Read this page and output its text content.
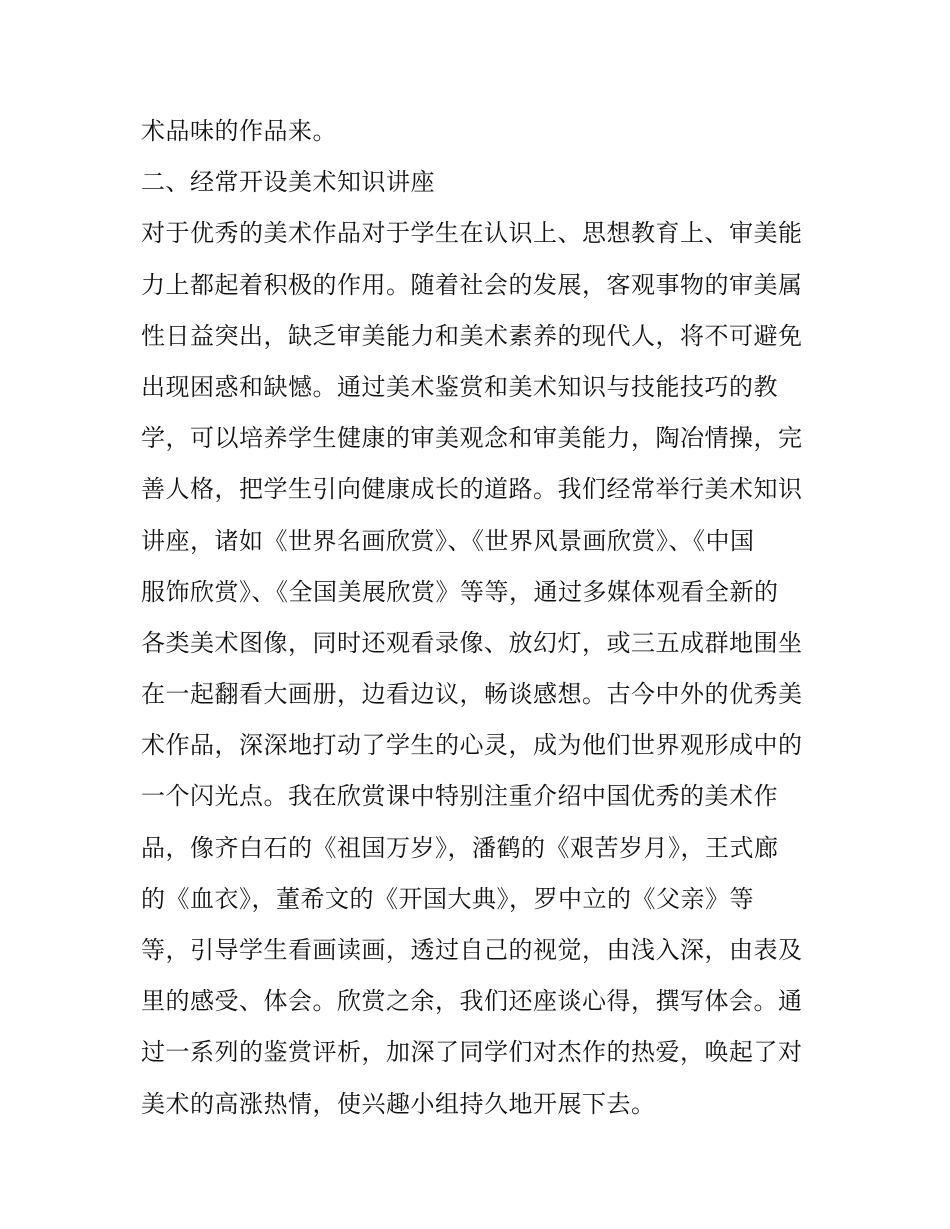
术品味的作品来。
二、经常开设美术知识讲座
对于优秀的美术作品对于学生在认识上、思想教育上、审美能
力上都起着积极的作用。随着社会的发展，客观事物的审美属
性日益突出，缺乏审美能力和美术素养的现代人，将不可避免
出现困惑和缺憾。通过美术鉴赏和美术知识与技能技巧的教
学，可以培养学生健康的审美观念和审美能力，陶冶情操，完
善人格，把学生引向健康成长的道路。我们经常举行美术知识
讲座，诸如《世界名画欣赏》、《世界风景画欣赏》、《中国
服饰欣赏》、《全国美展欣赏》等等，通过多媒体观看全新的
各类美术图像，同时还观看录像、放幻灯，或三五成群地围坐
在一起翻看大画册，边看边议，畅谈感想。古今中外的优秀美
术作品，深深地打动了学生的心灵，成为他们世界观形成中的
一个闪光点。我在欣赏课中特别注重介绍中国优秀的美术作
品，像齐白石的《祖国万岁》，潘鹤的《艰苦岁月》，王式廊
的《血衣》，董希文的《开国大典》，罗中立的《父亲》等
等，引导学生看画读画，透过自己的视觉，由浅入深，由表及
里的感受、体会。欣赏之余，我们还座谈心得，撰写体会。通
过一系列的鉴赏评析，加深了同学们对杰作的热爱，唤起了对
美术的高涨热情，使兴趣小组持久地开展下去。
